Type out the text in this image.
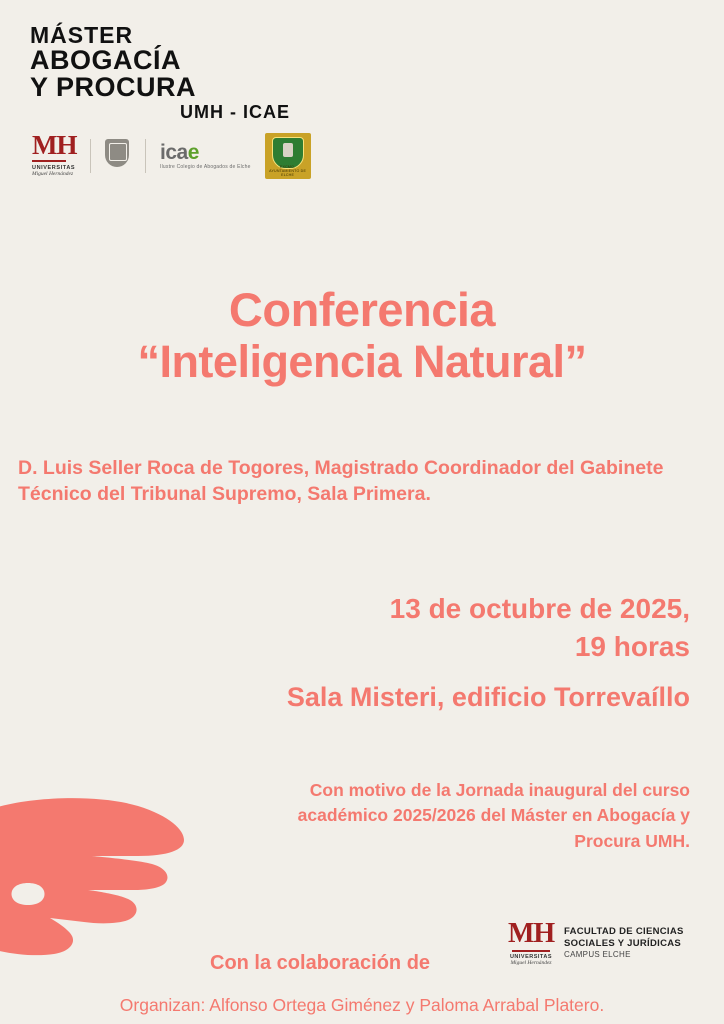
MÁSTER
ABOGACÍA
Y PROCURA
UMH - ICAE
MH
UNIVERSITAS
Miguel Hernández
icae
Ilustre Colegio de Abogados de Elche	EXCMO. AYUNTAMIENTO DE ELCHE
Conferencia
“Inteligencia Natural”
D. Luis Seller Roca de Togores, Magistrado Coordinador del Gabinete Técnico del Tribunal Supremo, Sala Primera.
13 de octubre de 2025,
19 horas
Sala Misteri, edificio Torrevaíllo
Con motivo de la Jornada inaugural del curso académico 2025/2026 del Máster en Abogacía y Procura UMH.
Con la colaboración de
MH
UNIVERSITAS
Miguel Hernández
FACULTAD DE CIENCIAS
SOCIALES Y JURÍDICAS
CAMPUS ELCHE
Organizan: Alfonso Ortega Giménez y Paloma Arrabal Platero.
